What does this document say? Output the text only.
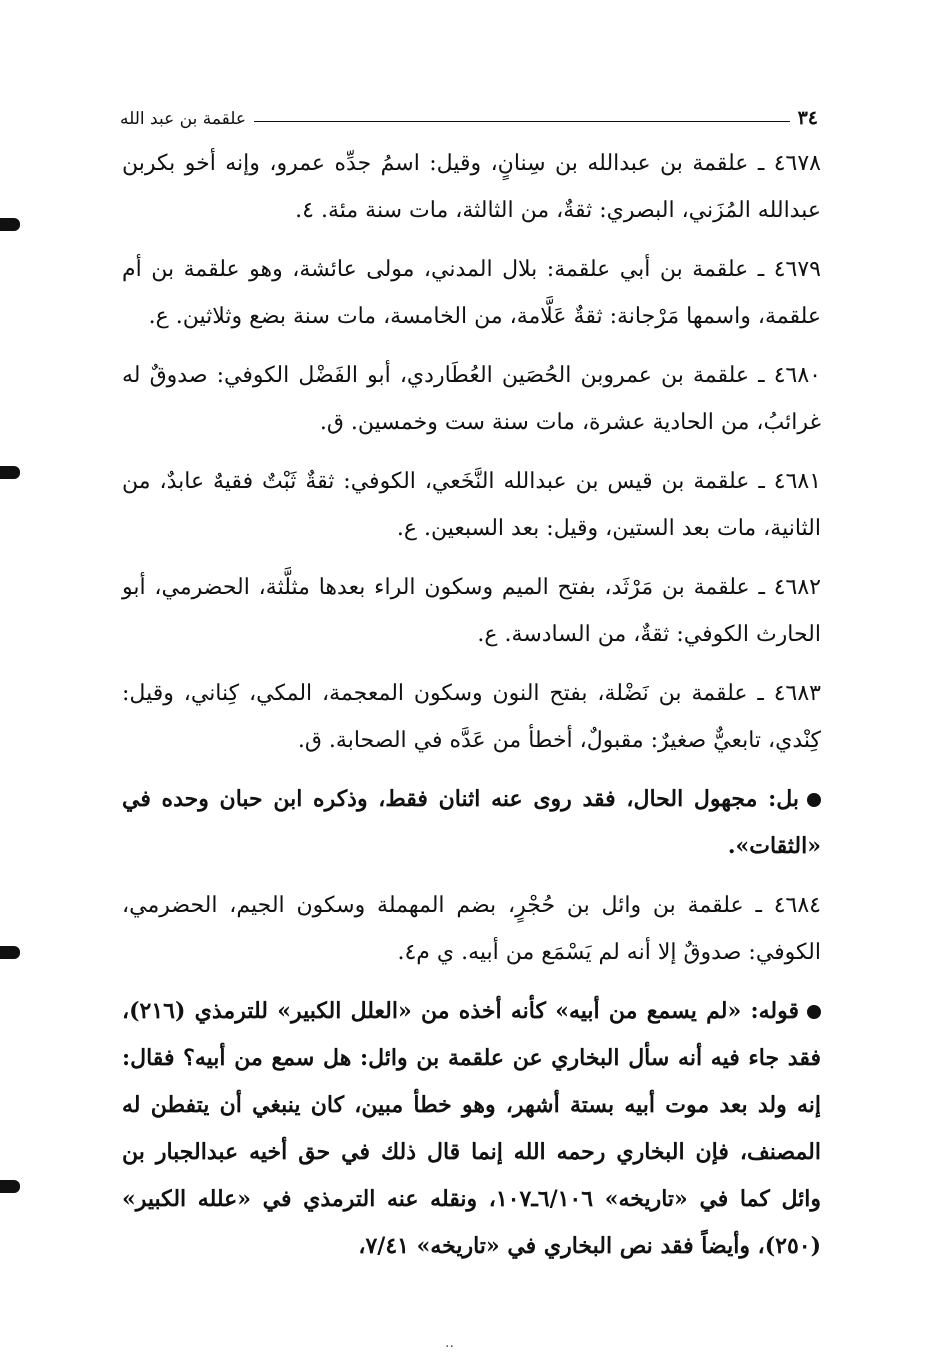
٣٤
علقمة بن عبد الله

٤٦٧٨ ـ علقمة بن عبدالله بن سِنانٍ، وقيل: اسمُ جدِّه عمرو، وإنه أخو بكربن عبدالله المُزَني، البصري: ثقةٌ، من الثالثة، مات سنة مئة. ٤.

٤٦٧٩ ـ علقمة بن أبي علقمة: بلال المدني، مولى عائشة، وهو علقمة بن أم علقمة، واسمها مَرْجانة: ثقةٌ عَلَّامة، من الخامسة، مات سنة بضع وثلاثين. ع.

٤٦٨٠ ـ علقمة بن عمروبن الحُصَين العُطَاردي، أبو الفَضْل الكوفي: صدوقٌ له غرائبُ، من الحادية عشرة، مات سنة ست وخمسين. ق.

٤٦٨١ ـ علقمة بن قيس بن عبدالله النَّخَعي، الكوفي: ثقةٌ ثَبْتٌ فقيهٌ عابدٌ، من الثانية، مات بعد الستين، وقيل: بعد السبعين. ع.

٤٦٨٢ ـ علقمة بن مَرْثَد، بفتح الميم وسكون الراء بعدها مثلَّثة، الحضرمي، أبو الحارث الكوفي: ثقةٌ، من السادسة. ع.

٤٦٨٣ ـ علقمة بن نَضْلة، بفتح النون وسكون المعجمة، المكي، كِناني، وقيل: كِنْدي، تابعيٌّ صغيرٌ: مقبولٌ، أخطأ من عَدَّه في الصحابة. ق.

بل: مجهول الحال، فقد روى عنه اثنان فقط، وذكره ابن حبان وحده في «الثقات».

٤٦٨٤ ـ علقمة بن وائل بن حُجْرٍ، بضم المهملة وسكون الجيم، الحضرمي، الكوفي: صدوقٌ إلا أنه لم يَسْمَع من أبيه. ي م٤.

قوله: «لم يسمع من أبيه» كأنه أخذه من «العلل الكبير» للترمذي (٢١٦)، فقد جاء فيه أنه سأل البخاري عن علقمة بن وائل: هل سمع من أبيه؟ فقال: إنه ولد بعد موت أبيه بستة أشهر، وهو خطأ مبين، كان ينبغي أن يتفطن له المصنف، فإن البخاري رحمه الله إنما قال ذلك في حق أخيه عبدالجبار بن وائل كما في «تاريخه» ٦/١٠٦ـ١٠٧، ونقله عنه الترمذي في «علله الكبير» (٢٥٠)، وأيضاً فقد نص البخاري في «تاريخه» ٧/٤١،

..
